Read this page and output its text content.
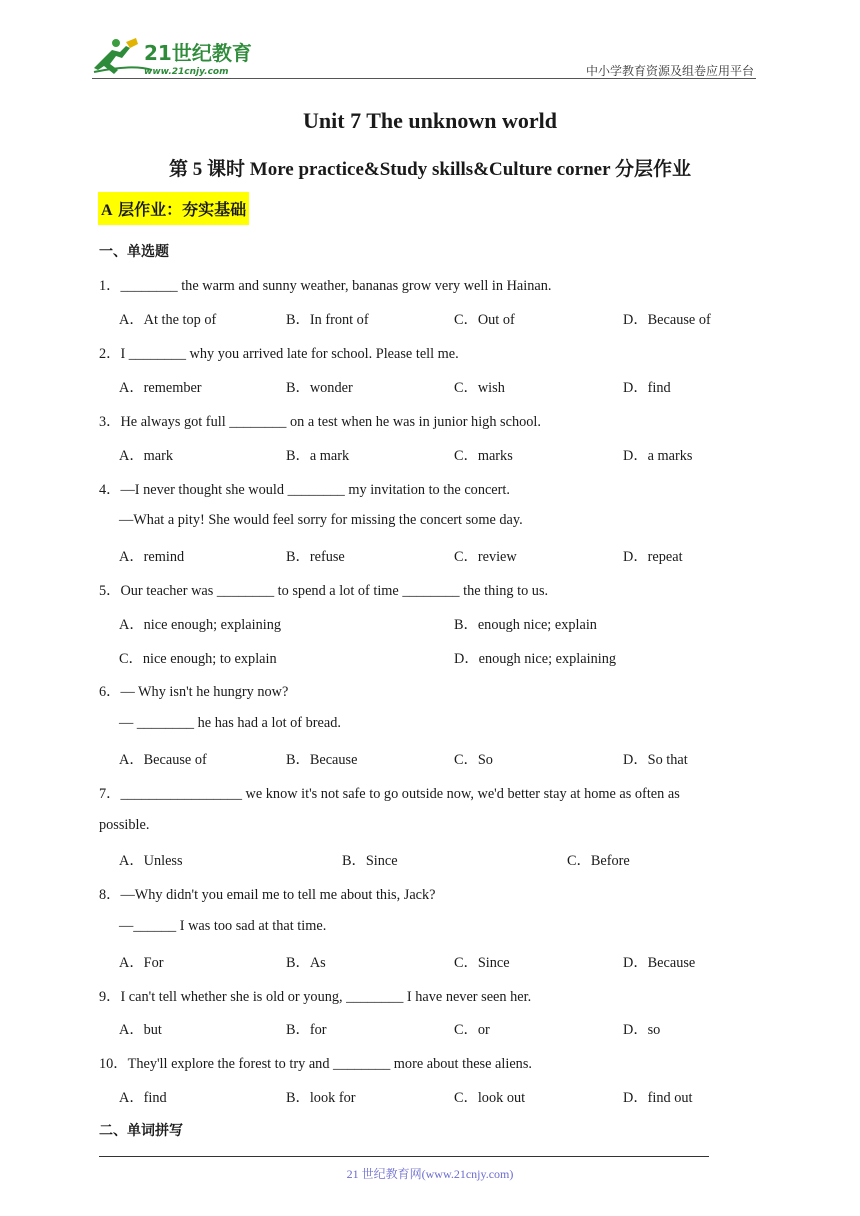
21世纪教育
www.21cnjy.com	中小学教育资源及组卷应用平台
Unit 7 The unknown world
第 5 课时 More practice&Study skills&Culture corner 分层作业
A 层作业：夯实基础
一、单选题
1．________ the warm and sunny weather, bananas grow very well in Hainan.
A．At the top of	B．In front of	C．Out of	D．Because of
2．I ________ why you arrived late for school. Please tell me.
A．remember	B．wonder	C．wish	D．find
3．He always got full ________ on a test when he was in junior high school.
A．mark	B．a mark	C．marks	D．a marks
4．—I never thought she would ________ my invitation to the concert.
—What a pity! She would feel sorry for missing the concert some day.
A．remind	B．refuse	C．review	D．repeat
5．Our teacher was ________ to spend a lot of time ________ the thing to us.
A．nice enough; explaining	B．enough nice; explain
C．nice enough; to explain	D．enough nice; explaining
6．— Why isn't he hungry now?
— ________ he has had a lot of bread.
A．Because of	B．Because	C．So	D．So that
7．_________________ we know it's not safe to go outside now, we'd better stay at home as often as
possible.
A．Unless	B．Since	C．Before
8．—Why didn't you email me to tell me about this, Jack?
—______ I was too sad at that time.
A．For	B．As	C．Since	D．Because
9．I can't tell whether she is old or young, ________ I have never seen her.
A．but	B．for	C．or	D．so
10．They'll explore the forest to try and ________ more about these aliens.
A．find	B．look for	C．look out	D．find out
二、单词拼写
21 世纪教育网(www.21cnjy.com)
